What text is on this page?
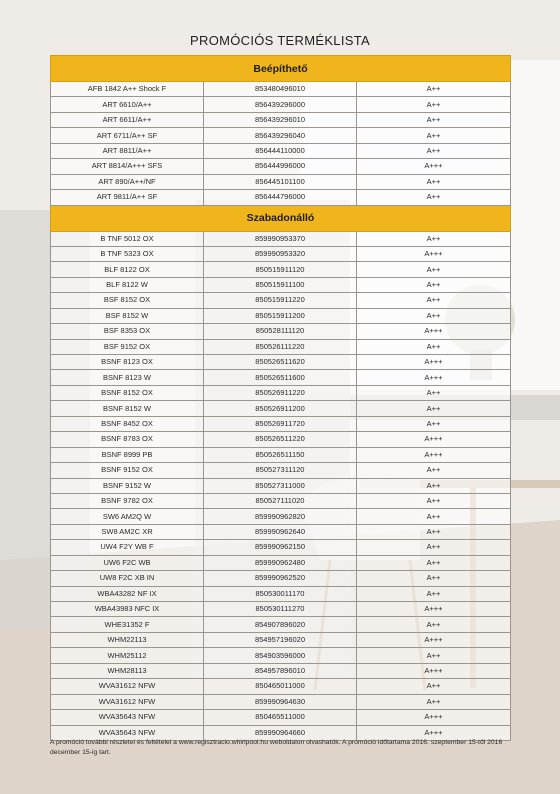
PROMÓCIÓS TERMÉKLISTA
Beépíthető		
AFB 1842 A++ Shock F	853480496010	A++
ART 6610/A++	856439296000	A++
ART 6611/A++	856439296010	A++
ART 6711/A++ SF	856439296040	A++
ART 8811/A++	856444110000	A++
ART 8814/A+++ SFS	856444996000	A+++
ART 890/A++/NF	856445101100	A++
ART 9811/A++ SF	856444796000	A++
Szabadonálló		
B TNF 5012 OX	859990953370	A++
B TNF 5323 OX	859990953320	A+++
BLF 8122 OX	850515911120	A++
BLF 8122 W	850515911100	A++
BSF 8152 OX	850515911220	A++
BSF 8152 W	850515911200	A++
BSF 8353 OX	850528111120	A+++
BSF 9152 OX	850526111220	A++
BSNF 8123 OX	850526511620	A+++
BSNF 8123 W	850526511600	A+++
BSNF 8152 OX	850526911220	A++
BSNF 8152 W	850526911200	A++
BSNF 8452 OX	850526911720	A++
BSNF 8783 OX	850526511220	A+++
BSNF 8999 PB	850526511150	A+++
BSNF 9152 OX	850527311120	A++
BSNF 9152 W	850527311000	A++
BSNF 9782 OX	850527111020	A++
SW6 AM2Q W	859990962820	A++
SW8 AM2C XR	859990962640	A++
UW4 F2Y WB F	859990962150	A++
UW6 F2C WB	859990962480	A++
UW8 F2C XB IN	859990962520	A++
WBA43282 NF IX	850530011170	A++
WBA43983 NFC IX	850530111270	A+++
WHE31352 F	854907896020	A++
WHM22113	854957196020	A+++
WHM25112	854903596000	A++
WHM28113	854957896010	A+++
WVA31612 NFW	850465011000	A++
WVA31612 NFW	859990964630	A++
WVA35643 NFW	850465511000	A+++
WVA35643 NFW	859990964660	A+++
A promóció további részletei és feltételei a www.regisztracio.whirlpool.hu weboldalon olvashatók. A promóció időtartama 2016. szeptember 15-től 2016 december 15-ig tart.
